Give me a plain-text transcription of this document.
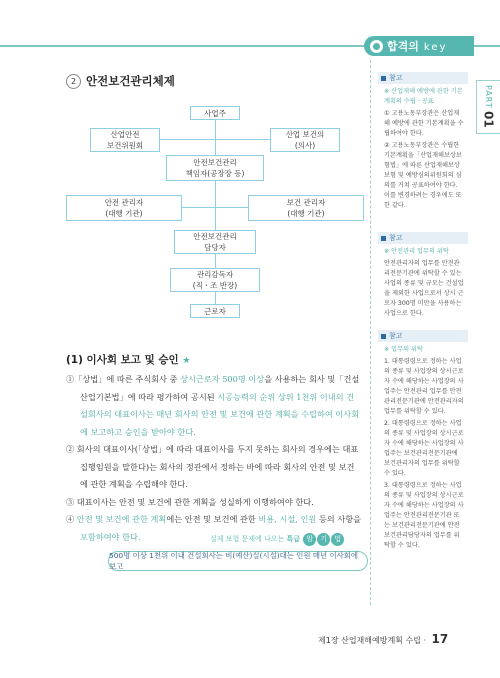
합격의 key
PART
01
2 안전보건관리체제
사업주
산업안전
보건위원회
산업 보건의
(의사)
안전보건관리
책임자(공장장 등)
안전 관리자
(대행 기관)
보건 관리자
(대행 기관)
안전보건관리
담당자
관리감독자
(직ㆍ조 반장)
근로자
(1) 이사회 보고 및 승인 ★
①「상법」에 따른 주식회사 중 상시근로자 500명 이상을 사용하는 회사 및「건설산업기본법」에 따라 평가하여 공시된 시공능력의 순위 상위 1천위 이내의 건설회사의 대표이사는 매년 회사의 안전 및 보건에 관한 계획을 수립하여 이사회에 보고하고 승인을 받아야 한다.
② 회사의 대표이사(「상법」에 따라 대표이사를 두지 못하는 회사의 경우에는 대표집행임원을 말한다)는 회사의 정관에서 정하는 바에 따라 회사의 안전 및 보건에 관한 계획을 수립해야 한다.
③ 대표이사는 안전 및 보건에 관한 계획을 성실하게 이행하여야 한다.
④ 안전 및 보건에 관한 계획에는 안전 및 보건에 관한 비용, 시설, 인원 등의 사항을 포함하여야 한다.	실제 보험 문제에 나오는 특급 암 기 법
500명 이상 1천위 이내 건설회사는 비(예산)실(시설)대는 인원 매년 이사회에 보고
참고

※ 산업재해 예방에 관한 기본계획의 수립ㆍ공표

① 고용노동부장관은 산업재해 예방에 관한 기본계획을 수립하여야 한다.

② 고용노동부장관은 수립한 기본계획을「산업재해보상보험법」에 따른 산업재해보상보험 및 예방심의위원회의 심의를 거쳐 공표하여야 한다. 이를 변경하려는 경우에도 또한 같다.

참고

※ 안전관리 업무의 위탁

안전관리자의 업무를 안전관리전문기관에 위탁할 수 있는 사업의 종류 및 규모는 건설업을 제외한 사업으로서 상시 근로자 300명 미만을 사용하는 사업으로 한다.

참고

※ 업무의 위탁

1. 대통령령으로 정하는 사업의 종류 및 사업장의 상시근로자 수에 해당하는 사업장의 사업주는 안전관리 업무를 안전관리전문기관에 안전관리자의 업무를 위탁할 수 있다.

2. 대통령령으로 정하는 사업의 종류 및 사업장의 상시근로자 수에 해당하는 사업장의 사업주는 보건관리전문기관에 보건관리자의 업무를 위탁할 수 있다.

3. 대통령령으로 정하는 사업의 종류 및 사업장의 상시근로자 수에 해당하는 사업장의 사업주는 안전관리전문기관 또는 보건관리전문기관에 안전보건관리담당자의 업무를 위탁할 수 있다.

제1장 산업재해예방계획 수립 · 17
